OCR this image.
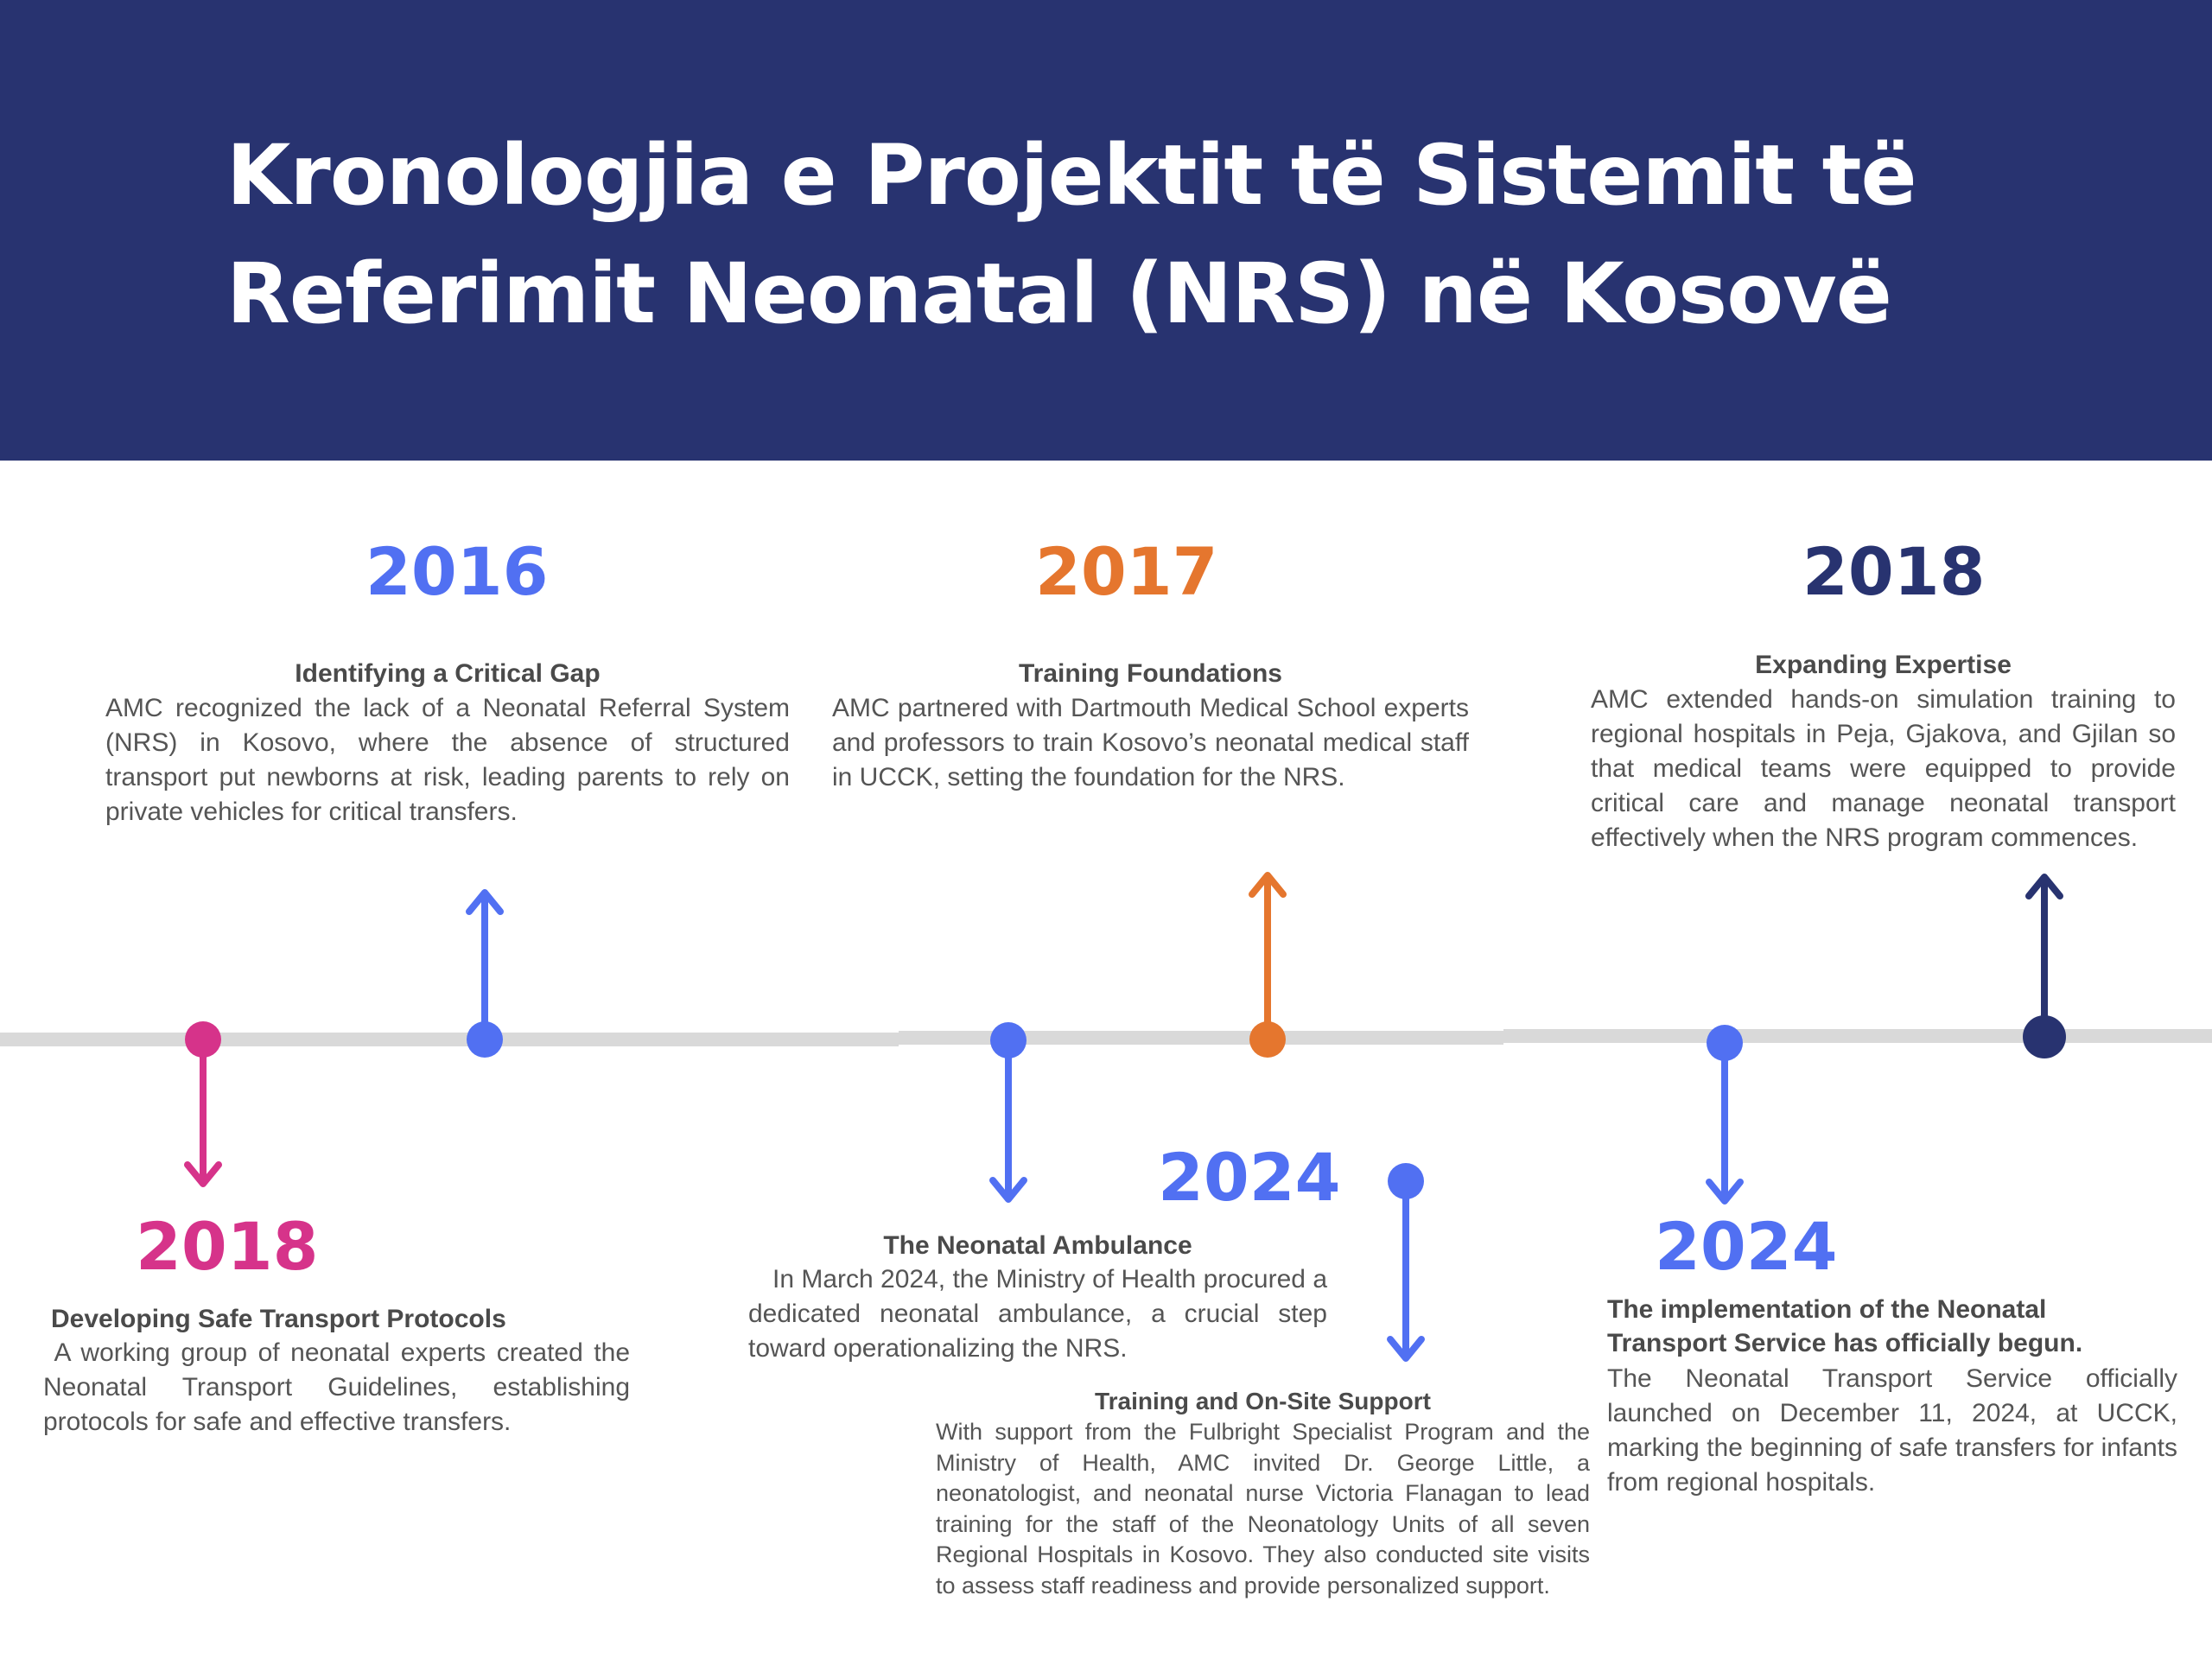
Kronologjia e Projektit të Sistemit të Referimit Neonatal (NRS) në Kosovë
2016
Identifying a Critical Gap

AMC recognized the lack of a Neonatal Referral System (NRS) in Kosovo, where the absence of structured transport put newborns at risk, leading parents to rely on private vehicles for critical transfers.

2017
Training Foundations

AMC partnered with Dartmouth Medical School experts and professors to train Kosovo’s neonatal medical staff in UCCK, setting the foundation for the NRS.

2018
Expanding Expertise

AMC extended hands-on simulation training to regional hospitals in Peja, Gjakova, and Gjilan so that medical teams were equipped to provide critical care and manage neonatal transport effectively when the NRS program commences.

2018
Developing Safe Transport Protocols

A working group of neonatal experts created the Neonatal Transport Guidelines, establishing protocols for safe and effective transfers.

The Neonatal Ambulance

In March 2024, the Ministry of Health procured a dedicated neonatal ambulance, a crucial step toward operationalizing the NRS.

2024
Training and On-Site Support

With support from the Fulbright Specialist Program and the Ministry of Health, AMC invited Dr. George Little, a neonatologist, and neonatal nurse Victoria Flanagan to lead training for the staff of the Neonatology Units of all seven Regional Hospitals in Kosovo. They also conducted site visits to assess staff readiness and provide personalized support.

2024
The implementation of the Neonatal Transport Service has officially begun.

The Neonatal Transport Service officially launched on December 11, 2024, at UCCK, marking the beginning of safe transfers for infants from regional hospitals.
